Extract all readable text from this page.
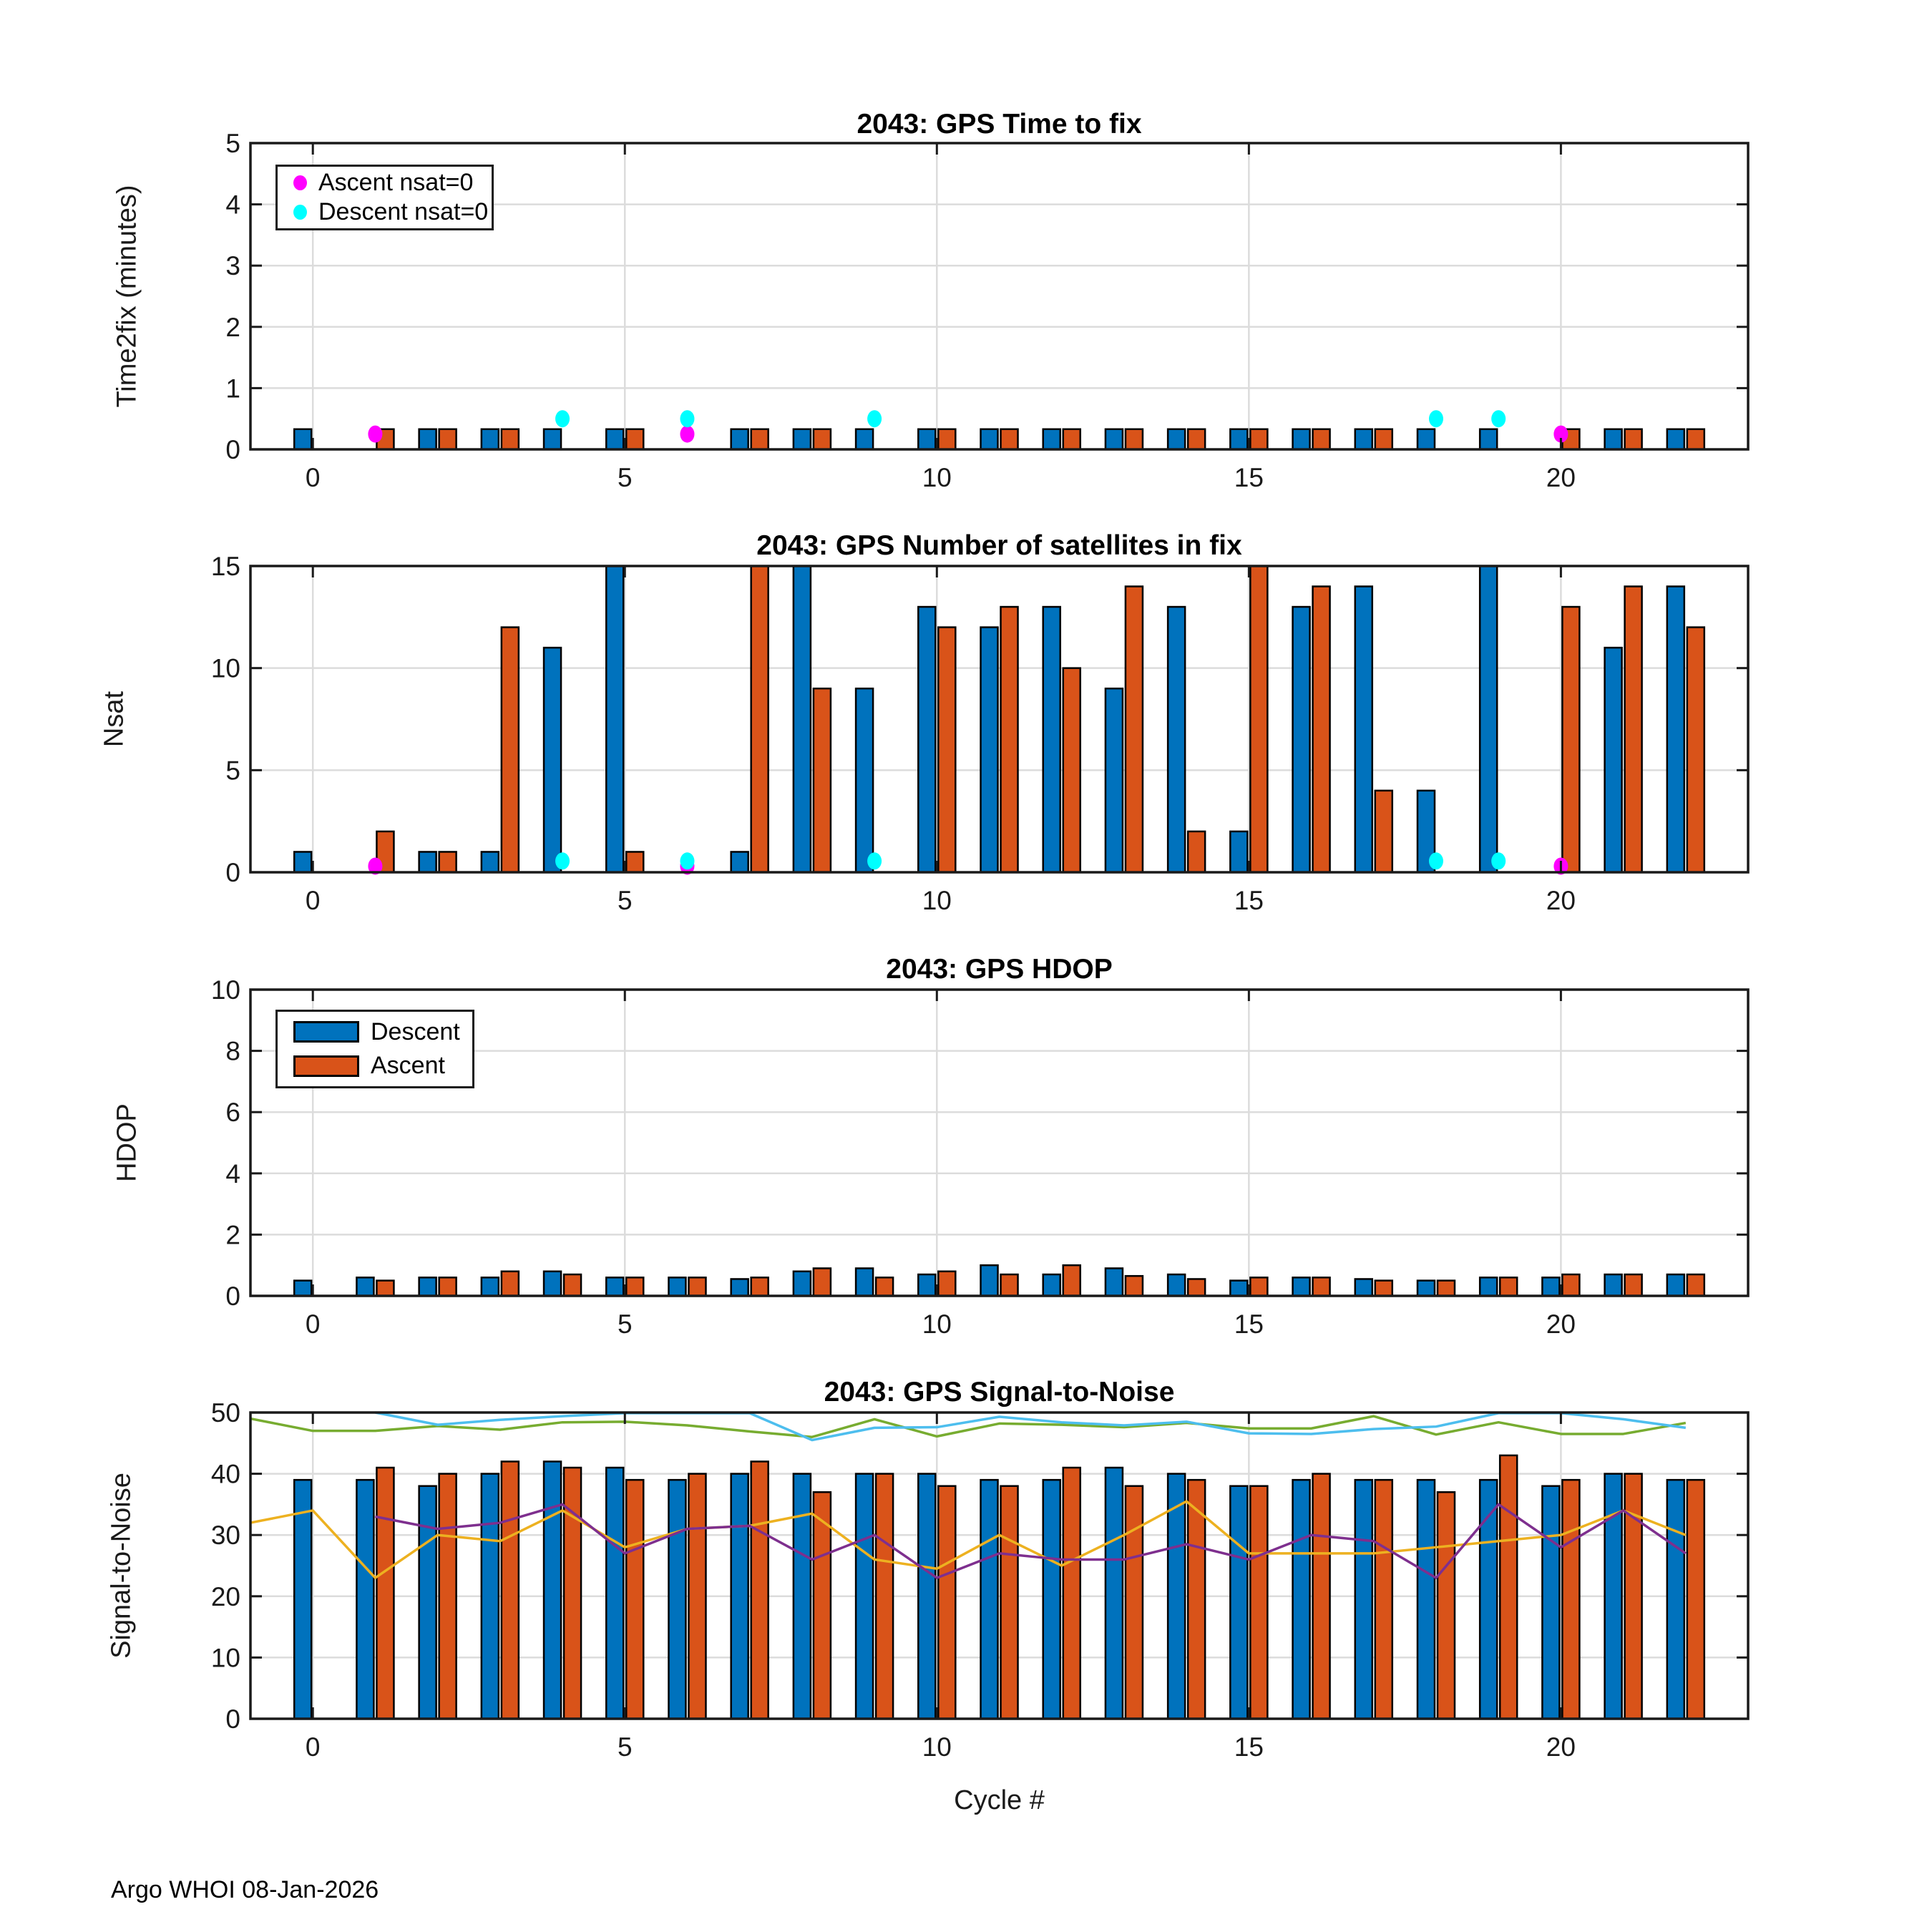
2043: GPS Time to fix
2043: GPS Number of satellites in fix
2043: GPS HDOP
2043: GPS Signal-to-Noise
Time2fix (minutes)
Nsat
HDOP
Signal-to-Noise
0	5	10	15	20
0
1
2
3
4
5
0	5	10	15	20
0
5
10
15
0	5	10	15	20
0
2
4
6
8
10
0	5	10	15	20
0
10
20
30
40
50
Ascent nsat=0
Descent nsat=0
Descent
Ascent
Cycle #
Argo WHOI 08-Jan-2026
